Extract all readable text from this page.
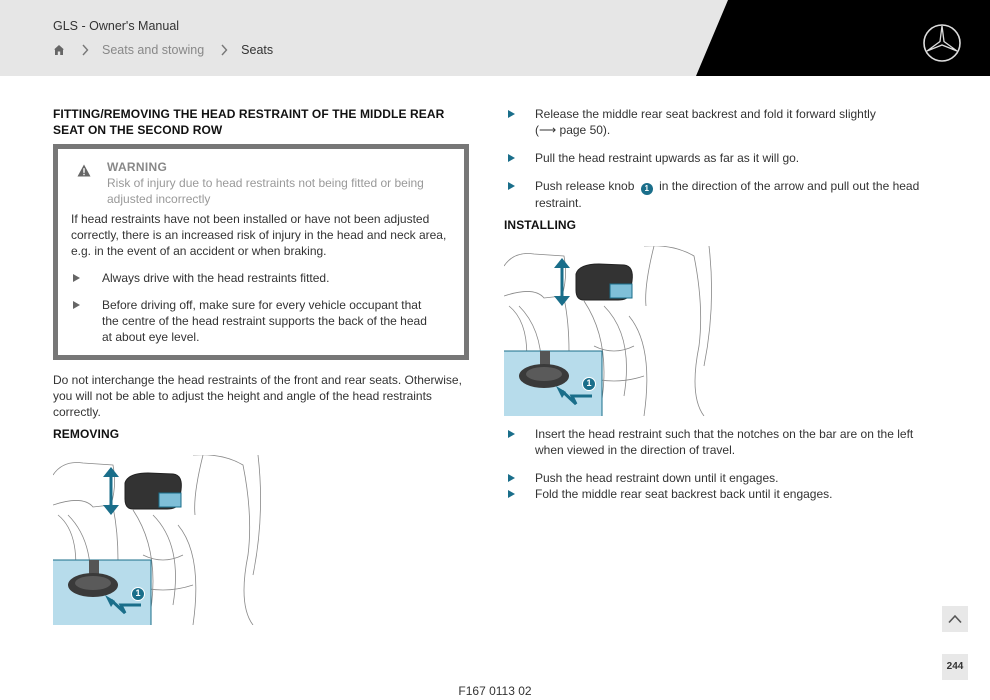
GLS - Owner's Manual
Seats and stowing	Seats
FITTING/REMOVING THE HEAD RESTRAINT OF THE MIDDLE REAR SEAT ON THE SECOND ROW
WARNING
Risk of injury due to head restraints not being fitted or being adjusted incorrectly
If head restraints have not been installed or have not been adjusted correctly, there is an increased risk of injury in the head and neck area, e.g. in the event of an accident or when braking.
Always drive with the head restraints fitted.
Before driving off, make sure for every vehicle occupant that the centre of the head restraint supports the back of the head at about eye level.
Do not interchange the head restraints of the front and rear seats. Otherwise, you will not be able to adjust the height and angle of the head restraints correctly.
REMOVING
1
Release the middle rear seat backrest and fold it forward slightly
(⟶ page 50).
Pull the head restraint upwards as far as it will go.
Push release knob 1 in the direction of the arrow and pull out the head restraint.
INSTALLING
1
Insert the head restraint such that the notches on the bar are on the left when viewed in the direction of travel.
Push the head restraint down until it engages.
Fold the middle rear seat backrest back until it engages.
244
F167 0113 02
